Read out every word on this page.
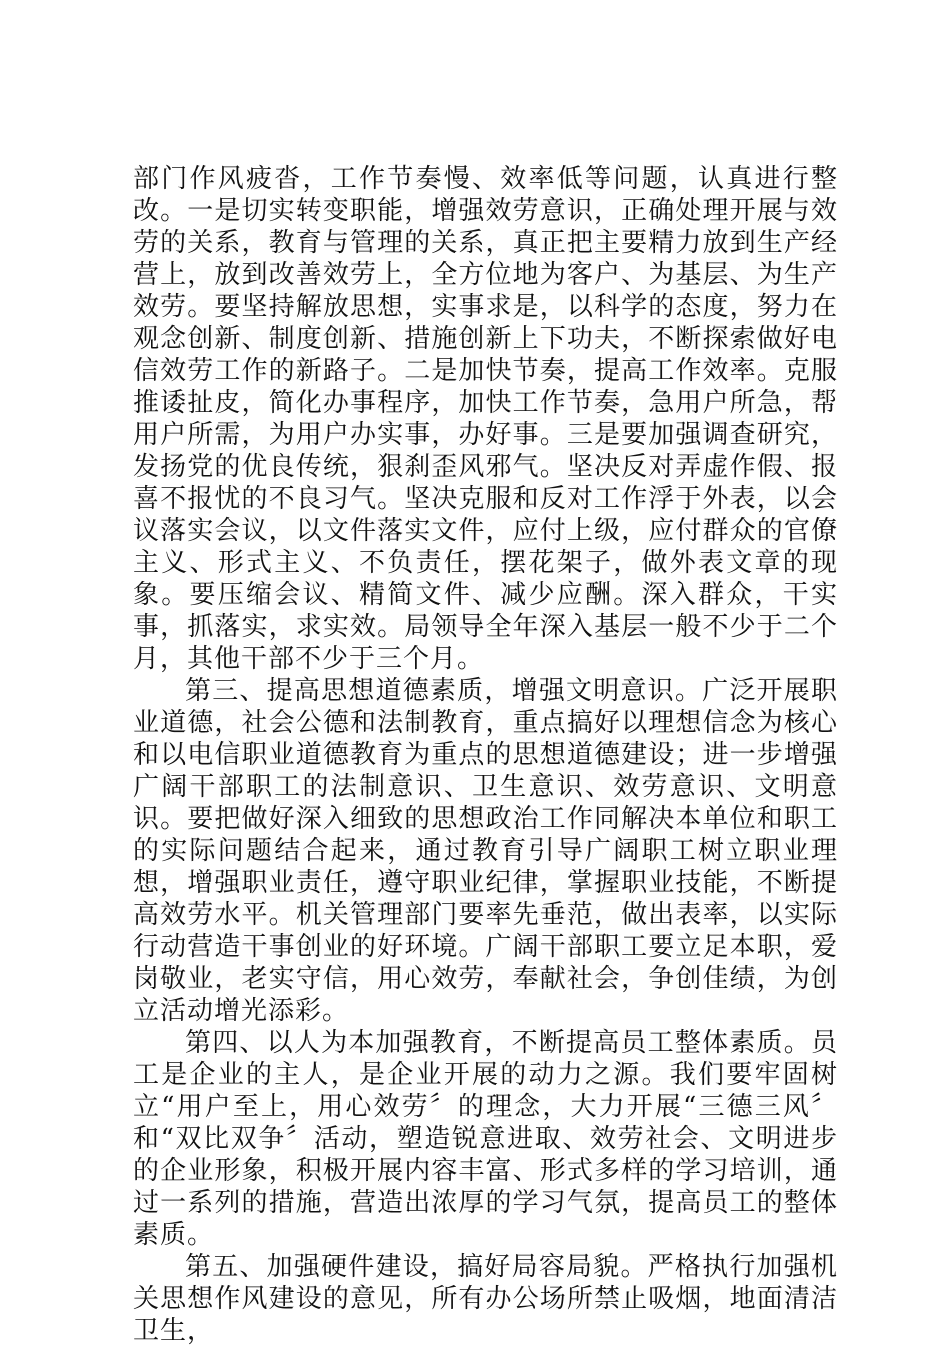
部门作风疲沓，工作节奏慢、效率低等问题，认真进行整改。一是切实转变职能，增强效劳意识，正确处理开展与效劳的关系，教育与管理的关系，真正把主要精力放到生产经营上，放到改善效劳上，全方位地为客户、为基层、为生产效劳。要坚持解放思想，实事求是，以科学的态度，努力在观念创新、制度创新、措施创新上下功夫，不断探索做好电信效劳工作的新路子。二是加快节奏，提高工作效率。克服推诿扯皮，简化办事程序，加快工作节奏，急用户所急，帮用户所需，为用户办实事，办好事。三是要加强调查研究，发扬党的优良传统，狠刹歪风邪气。坚决反对弄虚作假、报喜不报忧的不良习气。坚决克服和反对工作浮于外表，以会议落实会议，以文件落实文件，应付上级，应付群众的官僚主义、形式主义、不负责任，摆花架子，做外表文章的现象。要压缩会议、精简文件、减少应酬。深入群众，干实事，抓落实，求实效。局领导全年深入基层一般不少于二个月，其他干部不少于三个月。

第三、提高思想道德素质，增强文明意识。广泛开展职业道德，社会公德和法制教育，重点搞好以理想信念为核心和以电信职业道德教育为重点的思想道德建设；进一步增强广阔干部职工的法制意识、卫生意识、效劳意识、文明意识。要把做好深入细致的思想政治工作同解决本单位和职工的实际问题结合起来，通过教育引导广阔职工树立职业理想，增强职业责任，遵守职业纪律，掌握职业技能，不断提高效劳水平。机关管理部门要率先垂范，做出表率，以实际行动营造干事创业的好环境。广阔干部职工要立足本职，爱岗敬业，老实守信，用心效劳，奉献社会，争创佳绩，为创立活动增光添彩。

第四、以人为本加强教育，不断提高员工整体素质。员工是企业的主人，是企业开展的动力之源。我们要牢固树立“用户至上，用心效劳〞的理念，大力开展“三德三风〞和“双比双争〞活动，塑造锐意进取、效劳社会、文明进步的企业形象，积极开展内容丰富、形式多样的学习培训，通过一系列的措施，营造出浓厚的学习气氛，提高员工的整体素质。

第五、加强硬件建设，搞好局容局貌。严格执行加强机关思想作风建设的意见，所有办公场所禁止吸烟，地面清洁卫生，
